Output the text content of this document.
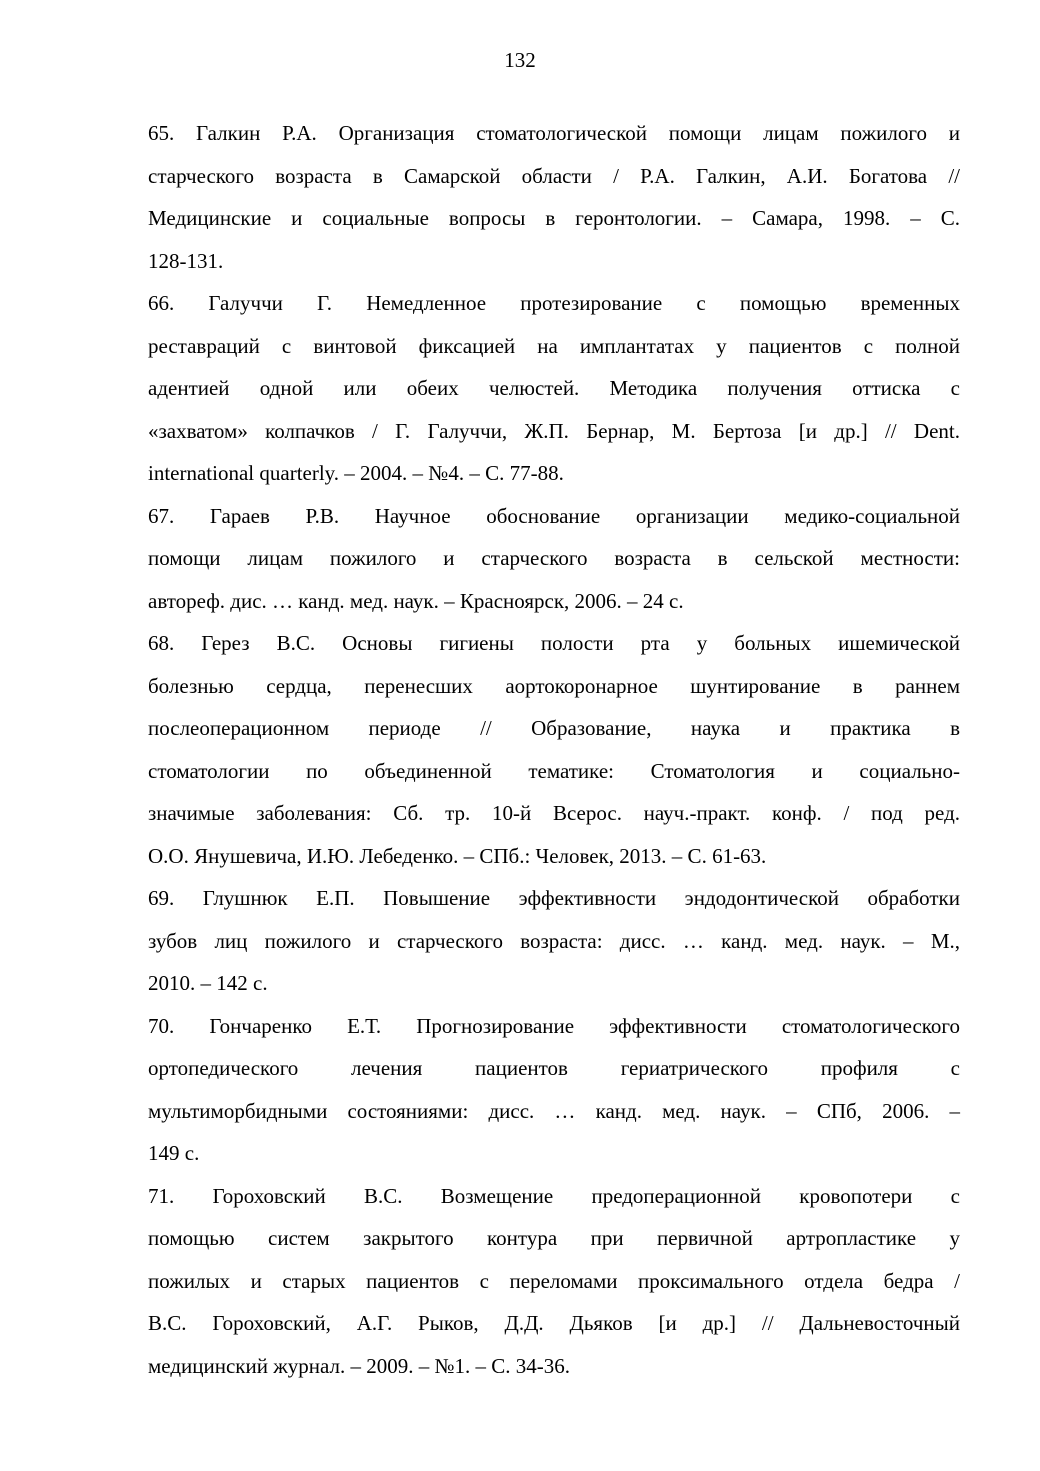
132
65. Галкин Р.А. Организация стоматологической помощи лицам пожилого и
старческого возраста в Самарской области / Р.А. Галкин, А.И. Богатова //
Медицинские и социальные вопросы в геронтологии. – Самара, 1998. – С.
128-131.
66. Галуччи Г. Немедленное протезирование с помощью временных
реставраций с винтовой фиксацией на имплантатах у пациентов с полной
адентией одной или обеих челюстей. Методика получения оттиска с
«захватом» колпачков / Г. Галуччи, Ж.П. Бернар, М. Бертоза [и др.] // Dent.
international quarterly. – 2004. – №4. – С. 77-88.
67. Гараев Р.В. Научное обоснование организации медико-социальной
помощи лицам пожилого и старческого возраста в сельской местности:
автореф. дис. … канд. мед. наук. – Красноярск, 2006. – 24 с.
68. Герез В.С. Основы гигиены полости рта у больных ишемической
болезнью сердца, перенесших аортокоронарное шунтирование в раннем
послеоперационном периоде // Образование, наука и практика в
стоматологии по объединенной тематике: Стоматология и социально-
значимые заболевания: Сб. тр. 10-й Всерос. науч.-практ. конф. / под ред.
О.О. Янушевича, И.Ю. Лебеденко. – СПб.: Человек, 2013. – С. 61-63.
69. Глушнюк Е.П. Повышение эффективности эндодонтической обработки
зубов лиц пожилого и старческого возраста: дисс. … канд. мед. наук. – М.,
2010. – 142 с.
70. Гончаренко Е.Т. Прогнозирование эффективности стоматологического
ортопедического лечения пациентов гериатрического профиля с
мультиморбидными состояниями: дисс. … канд. мед. наук. – СПб, 2006. –
149 с.
71. Гороховский В.С. Возмещение предоперационной кровопотери с
помощью систем закрытого контура при первичной артропластике у
пожилых и старых пациентов с переломами проксимального отдела бедра /
В.С. Гороховский, А.Г. Рыков, Д.Д. Дьяков [и др.] // Дальневосточный
медицинский журнал. – 2009. – №1. – С. 34-36.
